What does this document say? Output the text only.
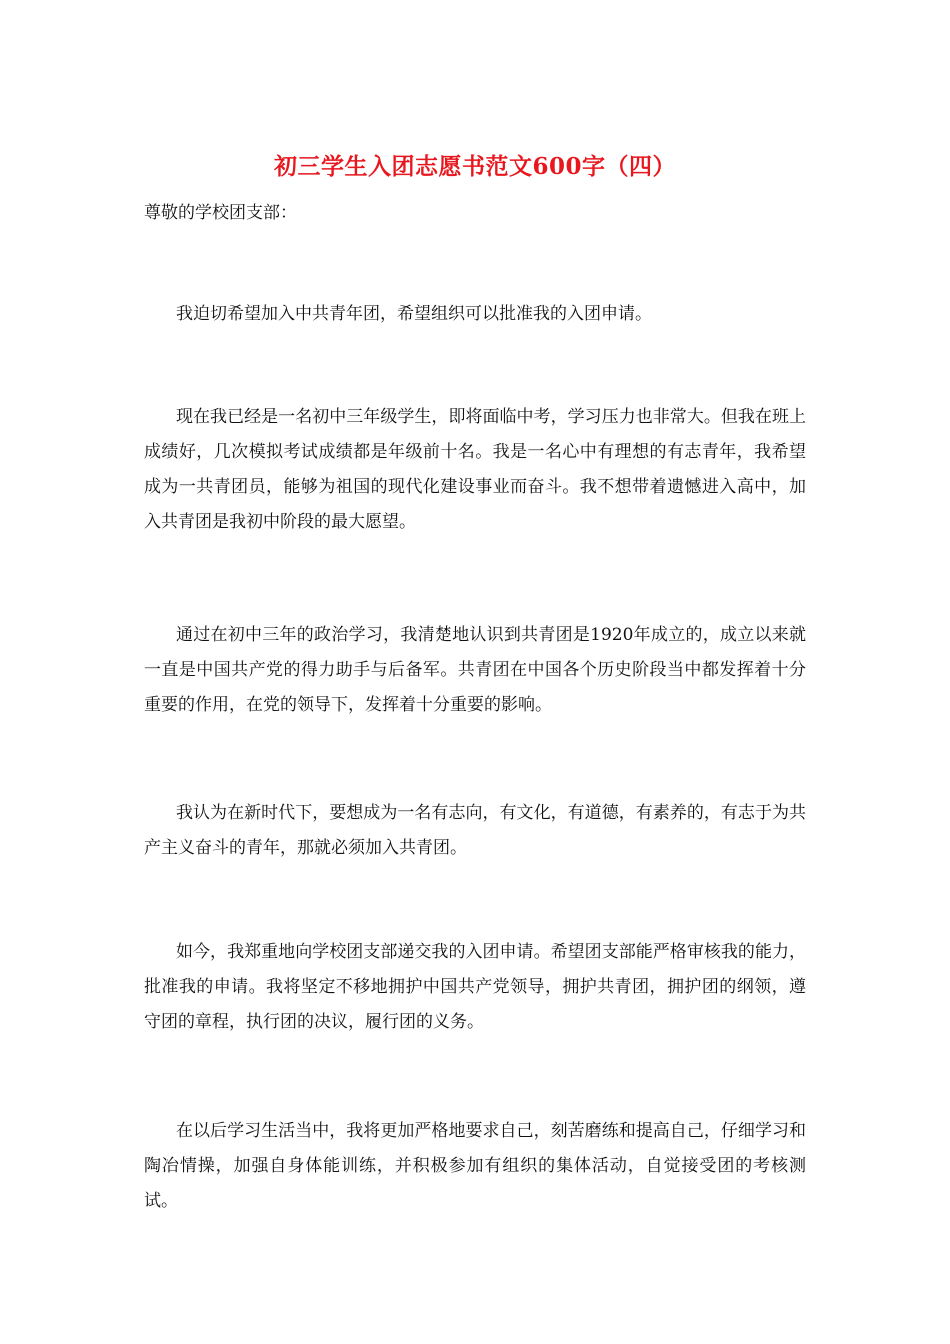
初三学生入团志愿书范文600字（四）
尊敬的学校团支部：

我迫切希望加入中共青年团，希望组织可以批准我的入团申请。

现在我已经是一名初中三年级学生，即将面临中考，学习压力也非常大。但我在班上成绩好，几次模拟考试成绩都是年级前十名。我是一名心中有理想的有志青年，我希望成为一共青团员，能够为祖国的现代化建设事业而奋斗。我不想带着遗憾进入高中，加入共青团是我初中阶段的最大愿望。

通过在初中三年的政治学习，我清楚地认识到共青团是1920年成立的，成立以来就一直是中国共产党的得力助手与后备军。共青团在中国各个历史阶段当中都发挥着十分重要的作用，在党的领导下，发挥着十分重要的影响。

我认为在新时代下，要想成为一名有志向，有文化，有道德，有素养的，有志于为共产主义奋斗的青年，那就必须加入共青团。

如今，我郑重地向学校团支部递交我的入团申请。希望团支部能严格审核我的能力，批准我的申请。我将坚定不移地拥护中国共产党领导，拥护共青团，拥护团的纲领，遵守团的章程，执行团的决议，履行团的义务。

在以后学习生活当中，我将更加严格地要求自己，刻苦磨练和提高自己，仔细学习和陶冶情操，加强自身体能训练，并积极参加有组织的集体活动，自觉接受团的考核测试。
